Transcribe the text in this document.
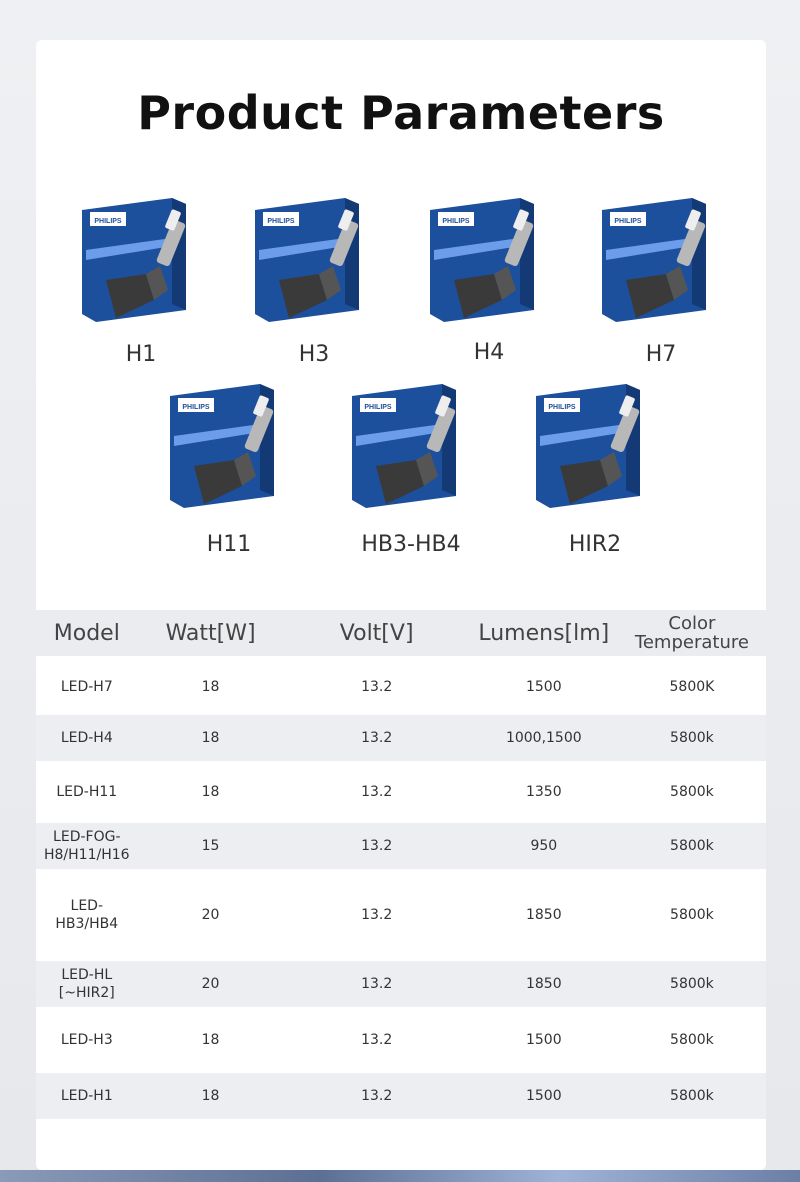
Product Parameters
PHILIPS
H1
PHILIPS
H3
PHILIPS
H4
PHILIPS
H7
PHILIPS
H11
PHILIPS
HB3-HB4
PHILIPS
HIR2
Model	Watt[W]	Volt[V]	Lumens[lm]	Color Temperature
LED-H7	18	13.2	1500	5800K
LED-H4	18	13.2	1000,1500	5800k
LED-H11	18	13.2	1350	5800k
LED-FOG-H8/H11/H16	15	13.2	950	5800k
LED-HB3/HB4	20	13.2	1850	5800k
LED-HL [~HIR2]	20	13.2	1850	5800k
LED-H3	18	13.2	1500	5800k
LED-H1	18	13.2	1500	5800k
